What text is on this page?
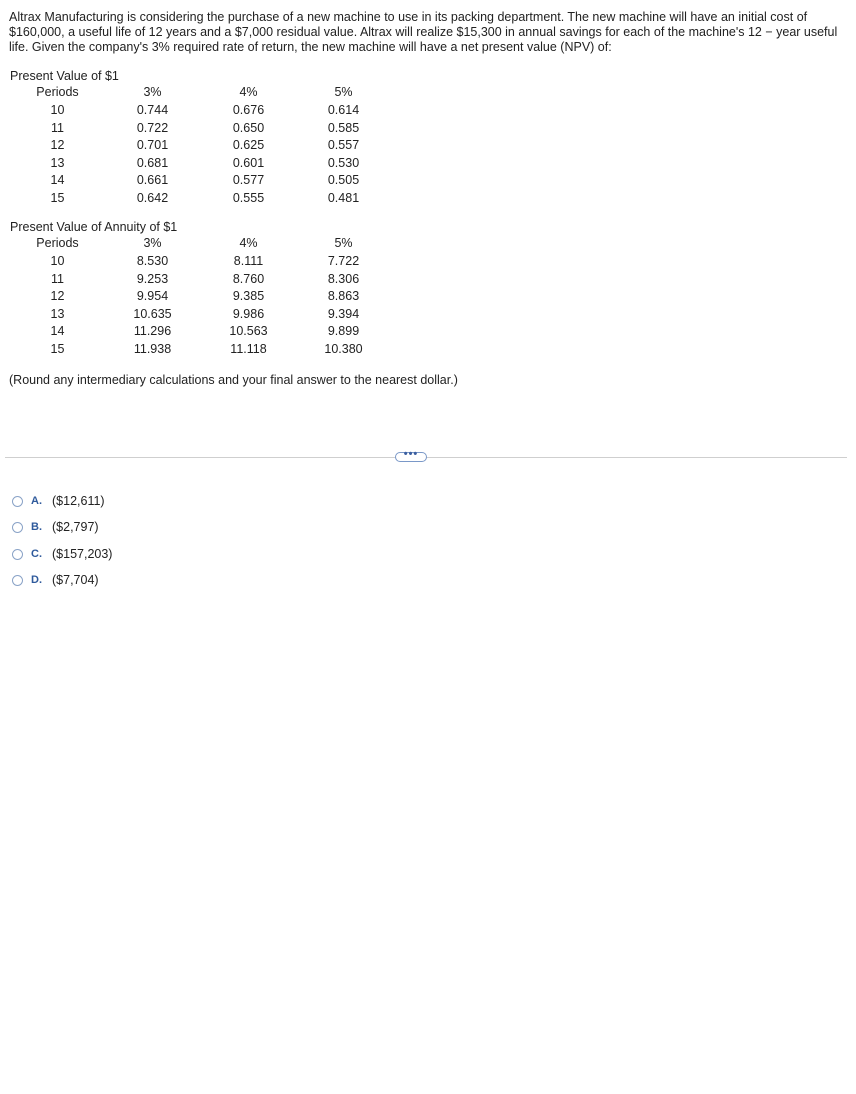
Altrax Manufacturing is considering the purchase of a new machine to use in its packing department. The new machine will have an initial cost of $160,000, a useful life of 12 years and a $7,000 residual value. Altrax will realize $15,300 in annual savings for each of the machine's 12 − year useful life. Given the company's 3% required rate of return, the new machine will have a net present value (NPV) of:

Present Value of $1
Periods	3%	4%	5%
10	0.744	0.676	0.614
11	0.722	0.650	0.585
12	0.701	0.625	0.557
13	0.681	0.601	0.530
14	0.661	0.577	0.505
15	0.642	0.555	0.481
Present Value of Annuity of $1
Periods	3%	4%	5%
10	8.530	8.111	7.722
11	9.253	8.760	8.306
12	9.954	9.385	8.863
13	10.635	9.986	9.394
14	11.296	10.563	9.899
15	11.938	11.118	10.380

(Round any intermediary calculations and your final answer to the nearest dollar.)

•••
A. ($12,611)
B. ($2,797)
C. ($157,203)
D. ($7,704)
